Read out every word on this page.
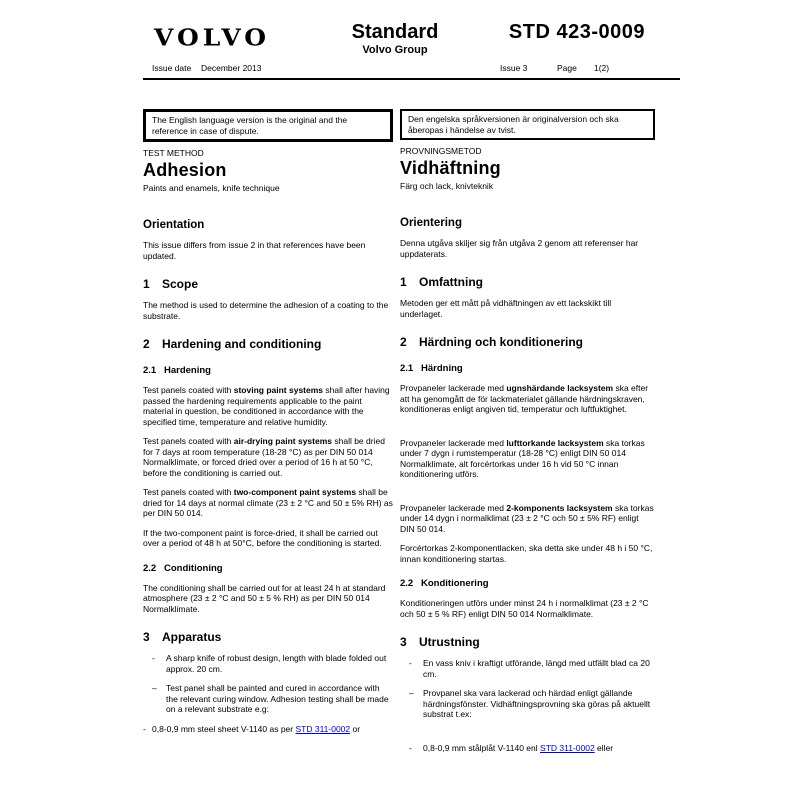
VOLVO	Standard
Volvo Group
STD 423-0009
Issue date December 2013	Issue 3	Page 1(2)
The English language version is the original and the reference in case of dispute.
TEST METHOD
Adhesion
Paints and enamels, knife technique
Orientation

This issue differs from issue 2 in that references have been updated.

1 Scope

The method is used to determine the adhesion of a coating to the substrate.

2 Hardening and conditioning
2.1 Hardening

Test panels coated with stoving paint systems shall after having passed the hardening requirements applicable to the paint material in question, be conditioned in accordance with the specified time, temperature and relative humidity.

Test panels coated with air-drying paint systems shall be dried for 7 days at room temperature (18-28 °C) as per DIN 50 014 Normalklimate, or forced dried over a period of 16 h at 50 °C, before the conditioning is carried out.

Test panels coated with two-component paint systems shall be dried for 14 days at normal climate (23 ± 2 °C and 50 ± 5% RH) as per DIN 50 014.

If the two-component paint is force-dried, it shall be carried out over a period of 48 h at 50°C, before the conditioning is started.

2.2 Conditioning

The conditioning shall be carried out for at least 24 h at standard atmosphere (23 ± 2 °C and 50 ± 5 % RH) as per DIN 50 014 Normalklimate.

3 Apparatus
-	A sharp knife of robust design, length with blade folded out approx. 20 cm.
–	Test panel shall be painted and cured in accordance with the relevant curing window. Adhesion testing shall be made on a relevant substrate e.g:
- 0,8-0,9 mm steel sheet V-1140 as per STD 311-0002 or
Den engelska språkversionen är originalversion och ska åberopas i händelse av tvist.
PROVNINGSMETOD
Vidhäftning
Färg och lack, knivteknik
Orientering

Denna utgåva skiljer sig från utgåva 2 genom att referenser har uppdaterats.

1 Omfattning

Metoden ger ett mått på vidhäftningen av ett lackskikt till underlaget.

2 Härdning och konditionering
2.1 Härdning

Provpaneler lackerade med ugnshärdande lacksystem ska efter att ha genomgått de för lackmaterialet gällande härdningskraven, konditioneras enligt angiven tid, temperatur och luftfuktighet.

Provpaneler lackerade med lufttorkande lacksystem ska torkas under 7 dygn i rumstemperatur (18-28 °C) enligt DIN 50 014 Normalklimate, alt forcértorkas under 16 h vid 50 °C innan konditionering utförs.

Provpaneler lackerade med 2-komponents lacksystem ska torkas under 14 dygn i normalklimat (23 ± 2 °C och 50 ± 5% RF) enligt DIN 50 014.

Forcértorkas 2-komponentlacken, ska detta ske under 48 h i 50 °C, innan konditionering startas.

2.2 Konditionering

Konditioneringen utförs under minst 24 h i normalklimat (23 ± 2 °C och 50 ± 5 % RF) enligt DIN 50 014 Normalklimate.

3 Utrustning
-	En vass kniv i kraftigt utförande, längd med utfällt blad ca 20 cm.
–	Provpanel ska vara lackerad och härdad enligt gällande härdningsfönster. Vidhäftningsprovning ska göras på aktuellt substrat t.ex:
-	0,8-0,9 mm stålplåt V-1140 enl STD 311-0002 eller
